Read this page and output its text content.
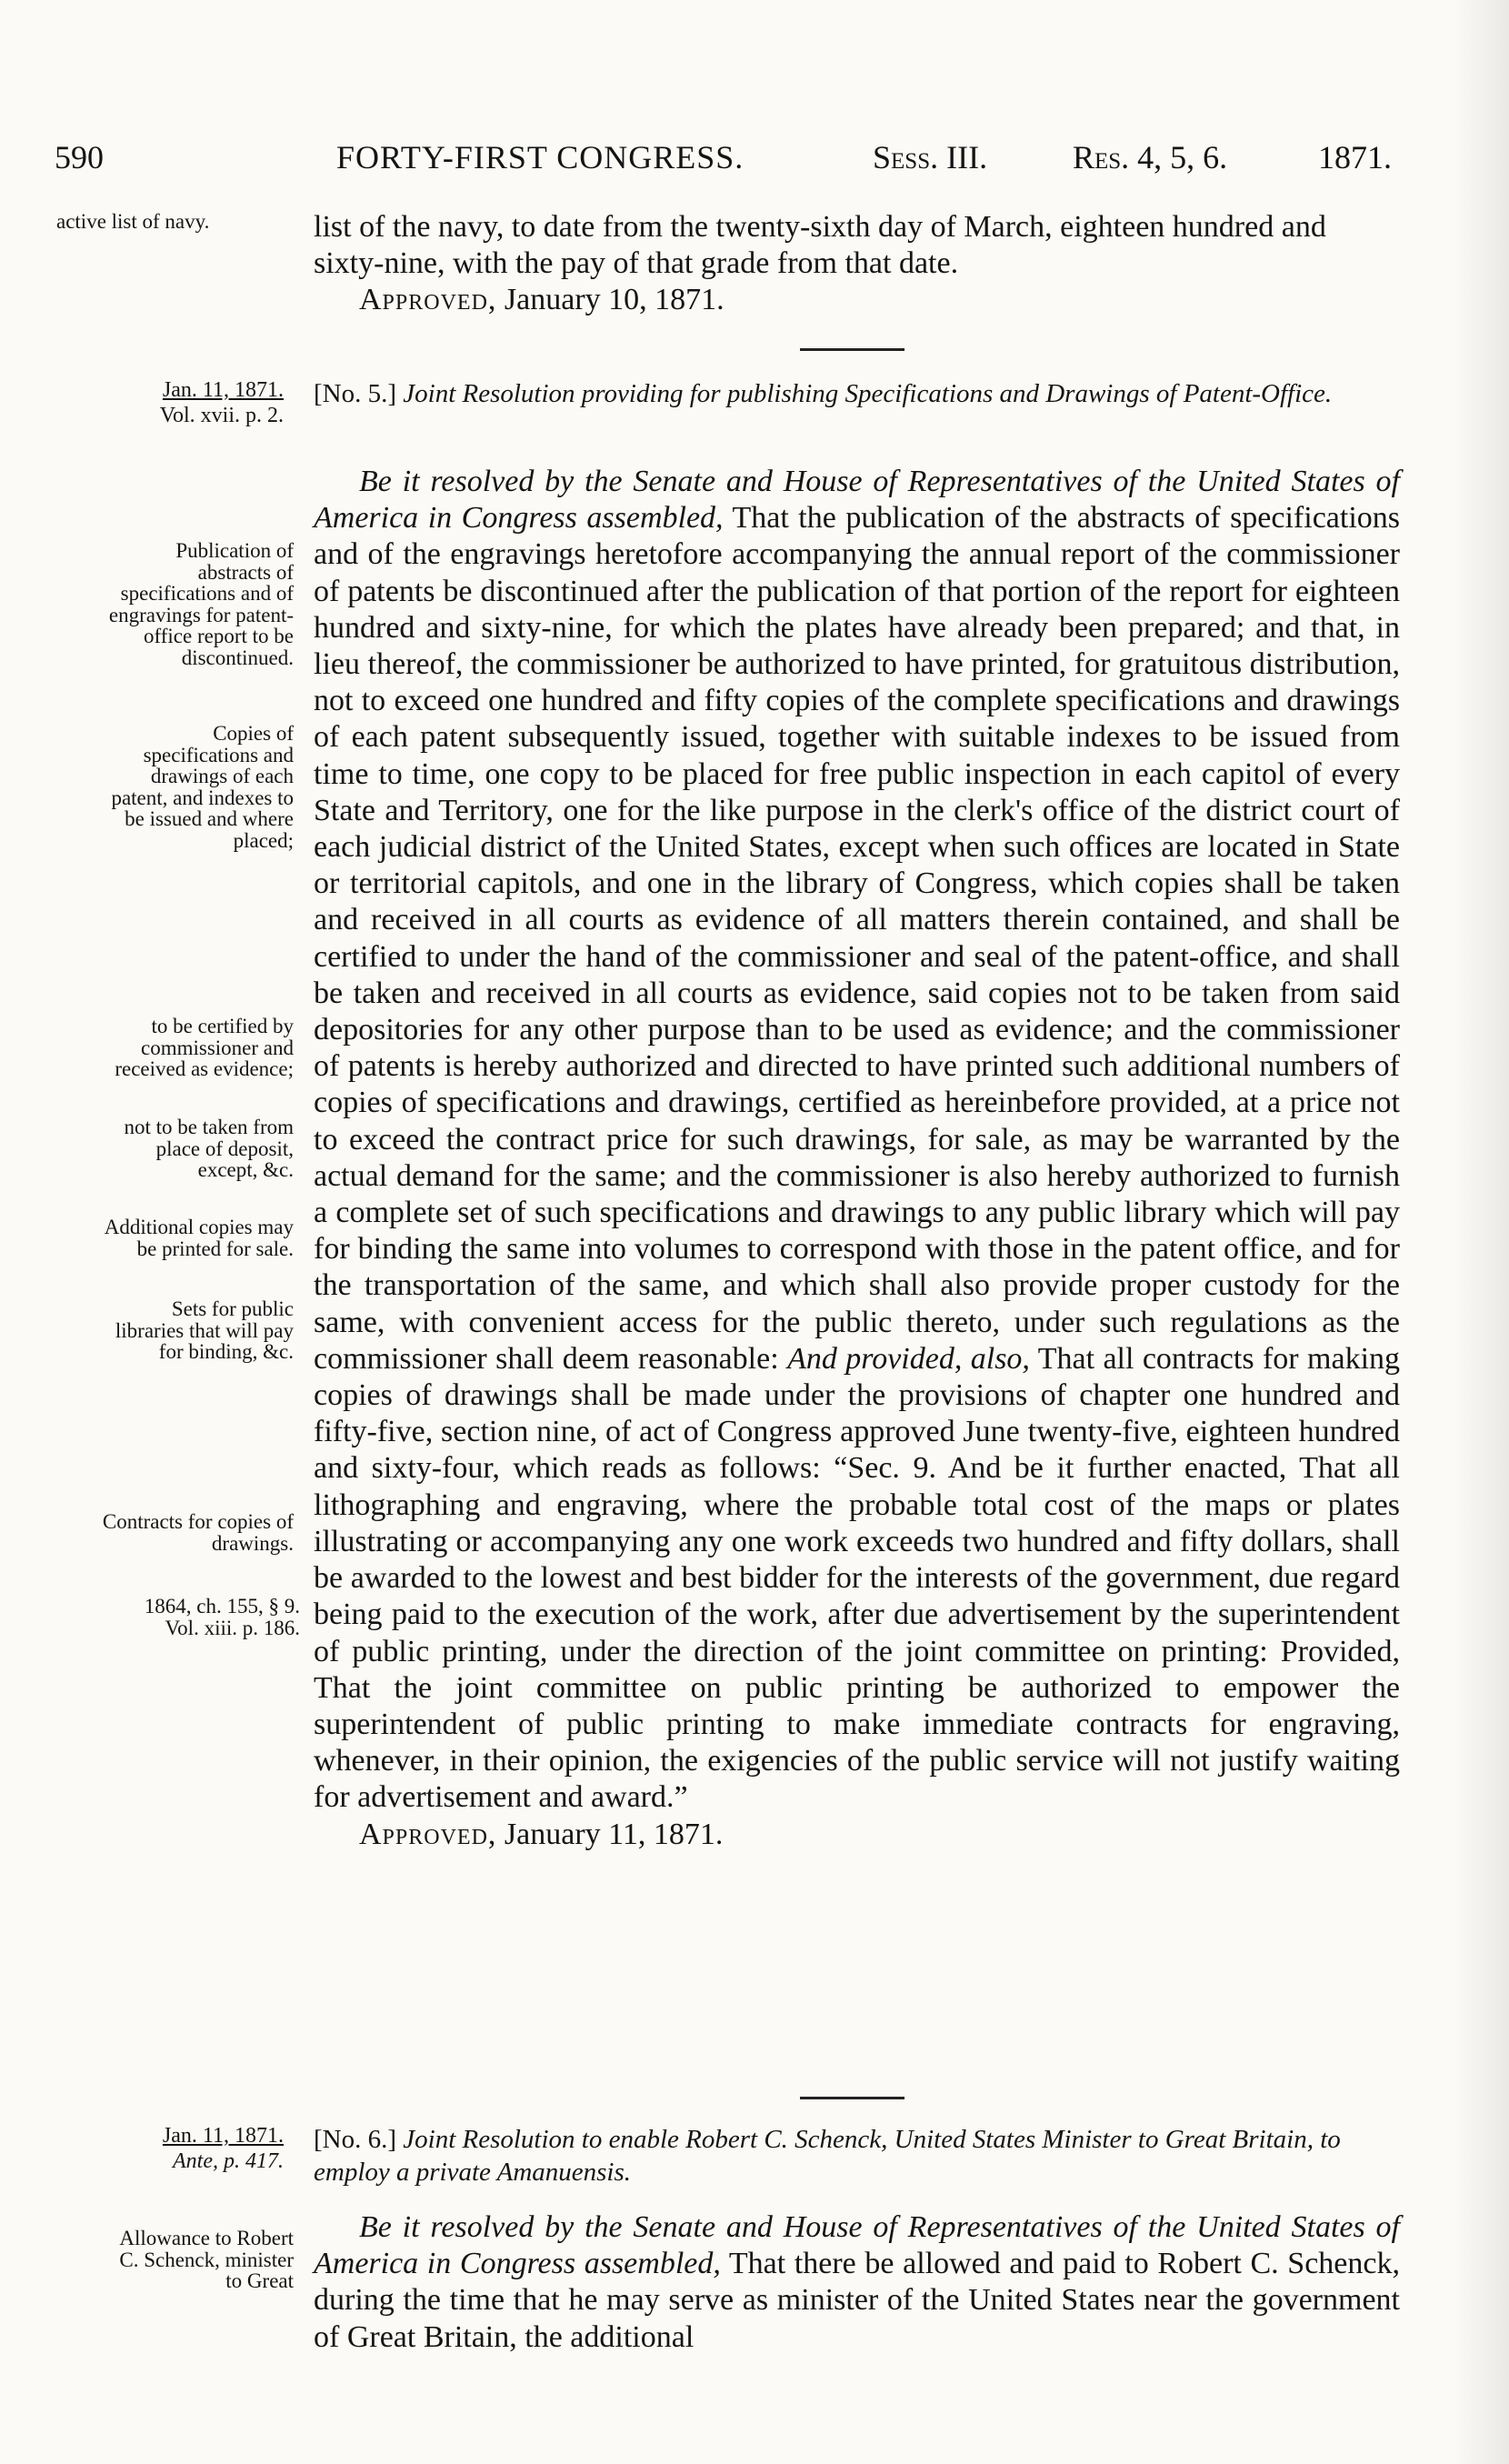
590	FORTY-FIRST CONGRESS.	Sess. III.	Res. 4, 5, 6.	1871.
active list of navy.	list of the navy, to date from the twenty-sixth day of March, eighteen hundred and sixty-nine, with the pay of that grade from that date.

Approved, January 10, 1871.

Jan. 11, 1871.
Vol. xvii. p. 2.
[No. 5.] Joint Resolution providing for publishing Specifications and Drawings of Patent-Office.
Publication of abstracts of specifications and of engravings for patent-office report to be discontinued.
Copies of specifications and drawings of each patent, and indexes to be issued and where placed;
to be certified by commissioner and received as evidence;
not to be taken from place of deposit, except, &c.
Additional copies may be printed for sale.
Sets for public libraries that will pay for binding, &c.
Contracts for copies of drawings.
1864, ch. 155, § 9.
Vol. xiii. p. 186.

Be it resolved by the Senate and House of Representatives of the United States of America in Congress assembled, That the publication of the abstracts of specifications and of the engravings heretofore accompanying the annual report of the commissioner of patents be discontinued after the publication of that portion of the report for eighteen hundred and sixty-nine, for which the plates have already been prepared; and that, in lieu thereof, the commissioner be authorized to have printed, for gratuitous distribution, not to exceed one hundred and fifty copies of the complete specifications and drawings of each patent subsequently issued, together with suitable indexes to be issued from time to time, one copy to be placed for free public inspection in each capitol of every State and Territory, one for the like purpose in the clerk's office of the district court of each judicial district of the United States, except when such offices are located in State or territorial capitols, and one in the library of Congress, which copies shall be taken and received in all courts as evidence of all matters therein contained, and shall be certified to under the hand of the commissioner and seal of the patent-office, and shall be taken and received in all courts as evidence, said copies not to be taken from said depositories for any other purpose than to be used as evidence; and the commissioner of patents is hereby authorized and directed to have printed such additional numbers of copies of specifications and drawings, certified as hereinbefore provided, at a price not to exceed the contract price for such drawings, for sale, as may be warranted by the actual demand for the same; and the commissioner is also hereby authorized to furnish a complete set of such specifications and drawings to any public library which will pay for binding the same into volumes to correspond with those in the patent office, and for the transportation of the same, and which shall also provide proper custody for the same, with convenient access for the public thereto, under such regulations as the commissioner shall deem reasonable: And provided, also, That all contracts for making copies of drawings shall be made under the provisions of chapter one hundred and fifty-five, section nine, of act of Congress approved June twenty-five, eighteen hundred and sixty-four, which reads as follows: “Sec. 9. And be it further enacted, That all lithographing and engraving, where the probable total cost of the maps or plates illustrating or accompanying any one work exceeds two hundred and fifty dollars, shall be awarded to the lowest and best bidder for the interests of the government, due regard being paid to the execution of the work, after due advertisement by the superintendent of public printing, under the direction of the joint committee on printing: Provided, That the joint committee on public printing be authorized to empower the superintendent of public printing to make immediate contracts for engraving, whenever, in their opinion, the exigencies of the public service will not justify waiting for advertisement and award.”

Approved, January 11, 1871.

Jan. 11, 1871.
Ante, p. 417.
[No. 6.] Joint Resolution to enable Robert C. Schenck, United States Minister to Great Britain, to employ a private Amanuensis.
Allowance to Robert C. Schenck, minister to Great

Be it resolved by the Senate and House of Representatives of the United States of America in Congress assembled, That there be allowed and paid to Robert C. Schenck, during the time that he may serve as minister of the United States near the government of Great Britain, the additional
